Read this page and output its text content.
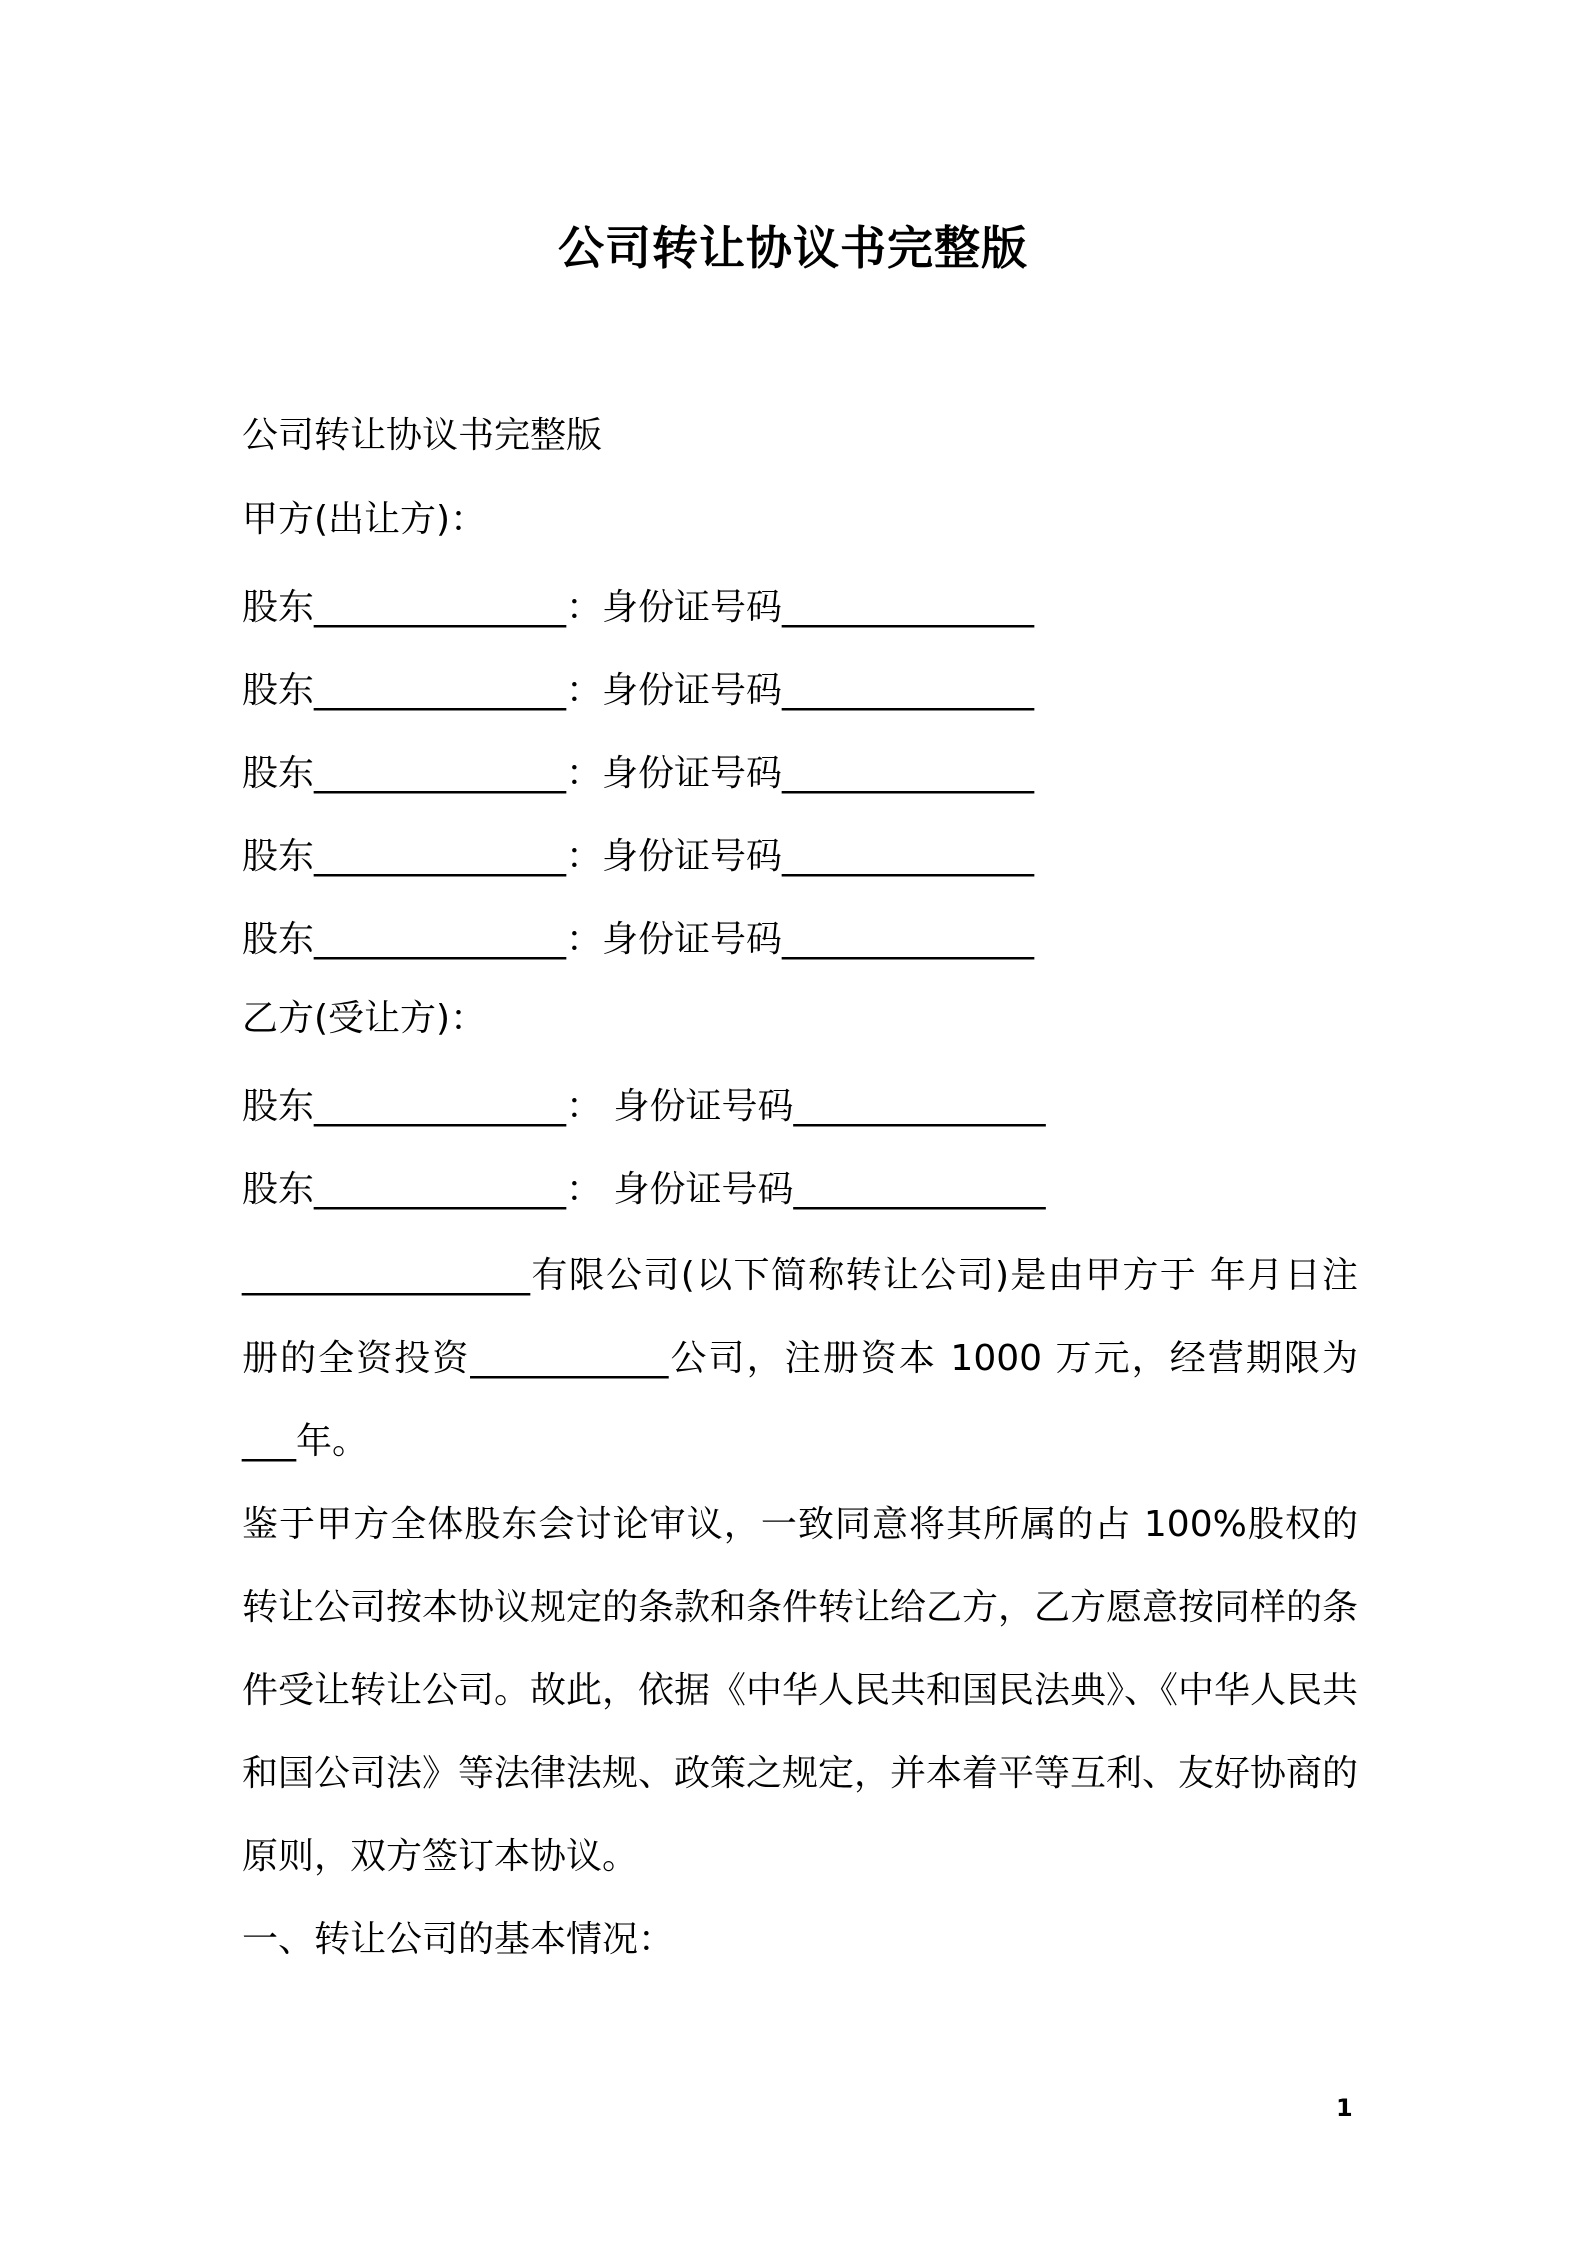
公司转让协议书完整版
公司转让协议书完整版
甲方(出让方)：
股东______________：身份证号码______________
股东______________：身份证号码______________
股东______________：身份证号码______________
股东______________：身份证号码______________
股东______________：身份证号码______________
乙方(受让方)：
股东______________： 身份证号码______________
股东______________： 身份证号码______________
________________有限公司(以下简称转让公司)是由甲方于 年月日注册的全资投资___________公司，注册资本 1000 万元，经营期限为___年。
鉴于甲方全体股东会讨论审议，一致同意将其所属的占 100%股权的转让公司按本协议规定的条款和条件转让给乙方，乙方愿意按同样的条件受让转让公司。故此，依据《中华人民共和国民法典》、《中华人民共和国公司法》等法律法规、政策之规定，并本着平等互利、友好协商的原则，双方签订本协议。
一、转让公司的基本情况：
1
